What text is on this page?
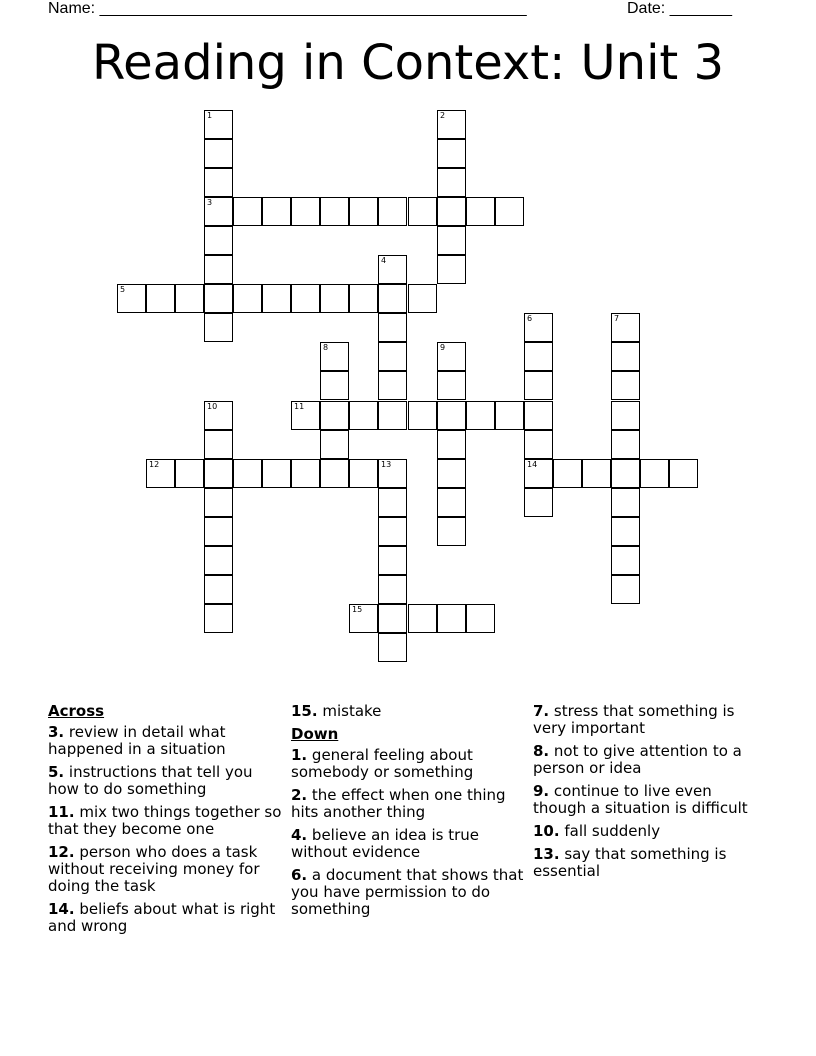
Name: ________________________________________________	Date: _______
Reading in Context: Unit 3
1
3
2
4
5
6
14
7
8	9
10	11
12	13
15
Across
3. review in detail what happened in a situation
5. instructions that tell you how to do something
11. mix two things together so that they become one
12. person who does a task without receiving money for doing the task
14. beliefs about what is right and wrong
15. mistake
Down
1. general feeling about somebody or something
2. the effect when one thing hits another thing
4. believe an idea is true without evidence
6. a document that shows that you have permission to do something
7. stress that something is very important
8. not to give attention to a person or idea
9. continue to live even though a situation is difficult
10. fall suddenly
13. say that something is essential
